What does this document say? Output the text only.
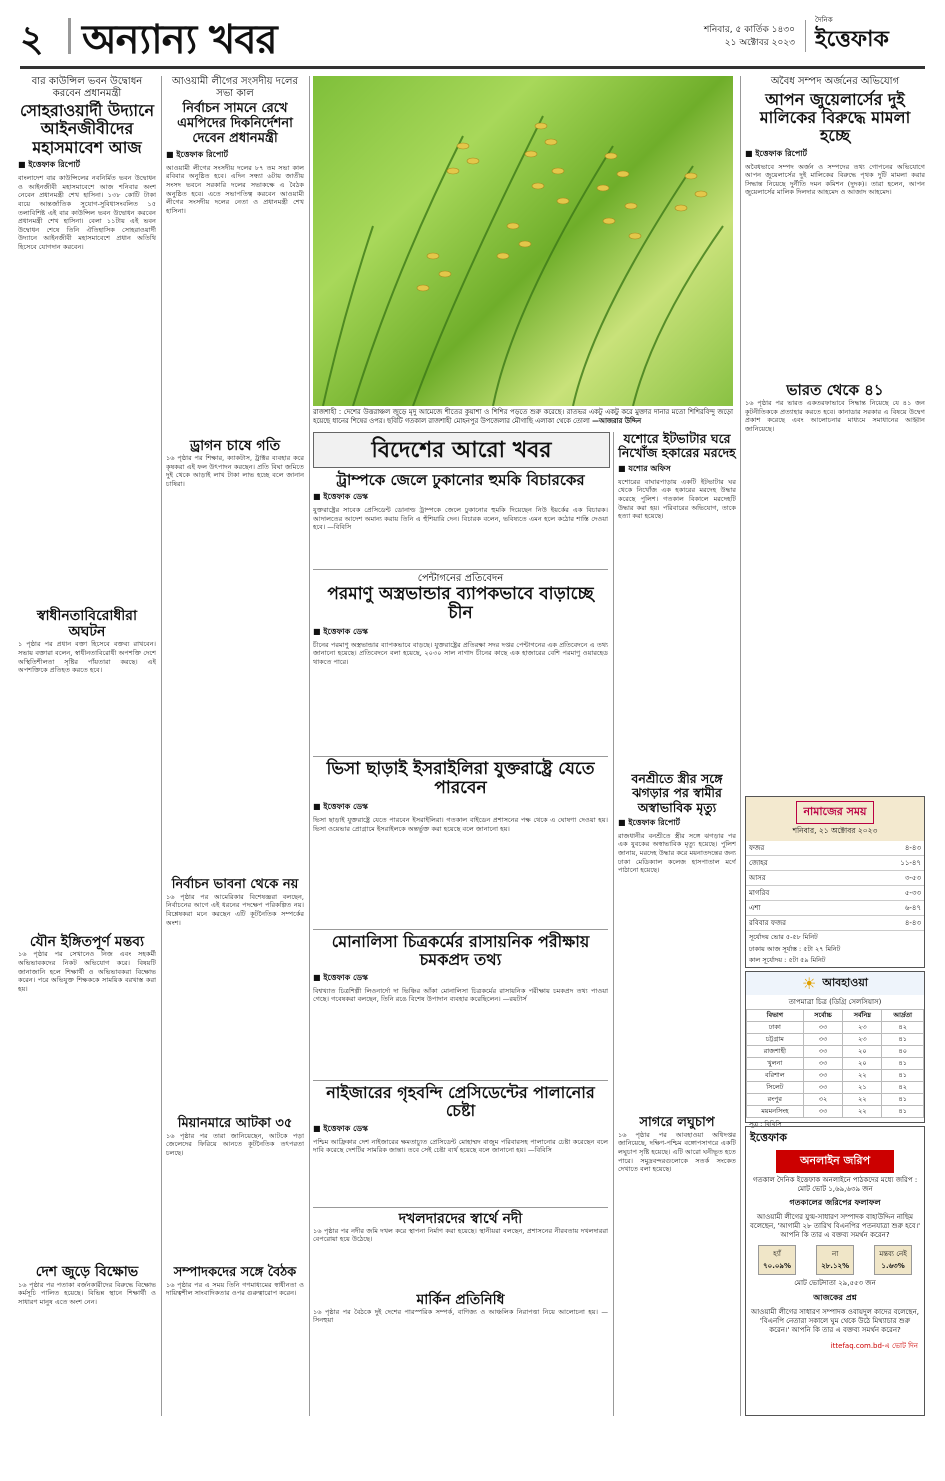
২ অন্যান্য খবর	শনিবার, ৫ কার্তিক ১৪৩০
২১ অক্টোবর ২০২৩
দৈনিক
ইত্তেফাক
বার কাউন্সিল ভবন উদ্বোধন করবেন প্রধানমন্ত্রী
সোহরাওয়ার্দী উদ্যানে আইনজীবীদের মহাসমাবেশ আজ
■ ইত্তেফাক রিপোর্ট
বাংলাদেশ বার কাউন্সিলের নবনির্মিত ভবন উদ্বোধন ও আইনজীবী মহাসমাবেশে আজ শনিবার অংশ নেবেন প্রধানমন্ত্রী শেখ হাসিনা। ১৩৮ কোটি টাকা ব্যয়ে আন্তর্জাতিক সুযোগ-সুবিধাসংবলিত ১৫ তলাবিশিষ্ট এই বার কাউন্সিল ভবন উদ্বোধন করবেন প্রধানমন্ত্রী শেখ হাসিনা। বেলা ১১টায় এই ভবন উদ্বোধন শেষে তিনি ঐতিহাসিক সোহরাওয়ার্দী উদ্যানে আইনজীবী মহাসমাবেশে প্রধান অতিথি হিসেবে যোগদান করবেন।
স্বাধীনতাবিরোধীরা অঘটন
১ পৃষ্ঠার পর প্রধান বক্তা হিসেবে বক্তব্য রাখবেন। সভায় বক্তারা বলেন, স্বাধীনতাবিরোধী অপশক্তি দেশে অস্থিতিশীলতা সৃষ্টির পাঁয়তারা করছে। এই অপশক্তিকে প্রতিহত করতে হবে।
যৌন ইঙ্গিতপূর্ণ মন্তব্য
১৬ পৃষ্ঠার পর সেখানেও নিজ এবং সহকর্মী অভিভাবকদের নিকট অভিযোগ করে। বিষয়টি জানাজানি হলে শিক্ষার্থী ও অভিভাবকরা বিক্ষোভ করেন। পরে অভিযুক্ত শিক্ষককে সাময়িক বরখাস্ত করা হয়।
দেশ জুড়ে বিক্ষোভ
১৬ পৃষ্ঠার পর পতাকা বর্জনকারীদের বিরুদ্ধে বিক্ষোভ কর্মসূচি পালিত হয়েছে। বিভিন্ন স্থানে শিক্ষার্থী ও সাধারণ মানুষ এতে অংশ নেন।
আওয়ামী লীগের সংসদীয় দলের সভা কাল
নির্বাচন সামনে রেখে এমপিদের দিকনির্দেশনা দেবেন প্রধানমন্ত্রী
■ ইত্তেফাক রিপোর্ট
আওয়ামী লীগের সংসদীয় দলের ৮৭ তম সভা কাল রবিবার অনুষ্ঠিত হবে। এদিন সন্ধ্যা ৬টায় জাতীয় সংসদ ভবনে সরকারি দলের সভাকক্ষে এ বৈঠক অনুষ্ঠিত হবে। এতে সভাপতিত্ব করবেন আওয়ামী লীগের সংসদীয় দলের নেতা ও প্রধানমন্ত্রী শেখ হাসিনা।
ড্রাগন চাষে গতি
১৬ পৃষ্ঠার পর শিক্ষার, ক্যাকটাস, ট্রাক্টর ব্যবহার করে কৃষকরা এই ফল উৎপাদন করছেন। প্রতি বিঘা জমিতে দুই থেকে আড়াই লাখ টাকা লাভ হচ্ছে বলে জানান চাষিরা।
নির্বাচন ভাবনা থেকে নয়
১৬ পৃষ্ঠার পর আমেরিকার বিশেষজ্ঞরা বলছেন, নির্বাচনের আগে এই ধরনের পদক্ষেপ পরিকল্পিত নয়। বিশ্লেষকরা মনে করছেন এটি কূটনৈতিক সম্পর্কের অংশ।
মিয়ানমারে আটকা ৩৫
১৬ পৃষ্ঠার পর তারা জানিয়েছেন, আটকে পড়া জেলেদের ফিরিয়ে আনতে কূটনৈতিক তৎপরতা চলছে।
সম্পাদকদের সঙ্গে বৈঠক
১৬ পৃষ্ঠার পর এ সময় তিনি গণমাধ্যমের স্বাধীনতা ও দায়িত্বশীল সাংবাদিকতার ওপর গুরুত্বারোপ করেন।
রাজশাহী : দেশের উত্তরাঞ্চল জুড়ে মৃদু আমেজে শীতের কুয়াশা ও শিশির পড়তে শুরু করেছে। রাতভর একটু একটু করে মুক্তার দানার মতো শিশিরবিন্দু জড়ো হয়েছে ধানের শিষের ওপর। ছবিটি গতকাল রাজশাহী মোহনপুর উপজেলার মৌগাছি এলাকা থেকে তোলা —আজরার উদ্দিন
বিদেশের আরো খবর
ট্রাম্পকে জেলে ঢুকানোর হুমকি বিচারকের
■ ইত্তেফাক ডেস্ক
যুক্তরাষ্ট্রের সাবেক প্রেসিডেন্ট ডোনাল্ড ট্রাম্পকে জেলে ঢুকানোর হুমকি দিয়েছেন নিউ ইয়র্কের এক বিচারক। আদালতের আদেশ অমান্য করায় তিনি এ হুঁশিয়ারি দেন। বিচারক বলেন, ভবিষ্যতে এমন হলে কঠোর শাস্তি দেওয়া হবে। —বিবিসি
পেন্টাগনের প্রতিবেদন
পরমাণু অস্ত্রভান্ডার ব্যাপকভাবে বাড়াচ্ছে চীন
■ ইত্তেফাক ডেস্ক
চীনের পরমাণু অস্ত্রভান্ডার ব্যাপকভাবে বাড়ছে। যুক্তরাষ্ট্রের প্রতিরক্ষা সদর দপ্তর পেন্টাগনের এক প্রতিবেদনে এ তথ্য জানানো হয়েছে। প্রতিবেদনে বলা হয়েছে, ২০৩০ সাল নাগাদ চীনের কাছে এক হাজারের বেশি পরমাণু ওয়ারহেড থাকতে পারে।
ভিসা ছাড়াই ইসরাইলিরা যুক্তরাষ্ট্রে যেতে পারবেন
■ ইত্তেফাক ডেস্ক
ভিসা ছাড়াই যুক্তরাষ্ট্রে যেতে পারবেন ইসরাইলিরা। গতকাল বাইডেন প্রশাসনের পক্ষ থেকে এ ঘোষণা দেওয়া হয়। ভিসা ওয়েভার প্রোগ্রামে ইসরাইলকে অন্তর্ভুক্ত করা হয়েছে বলে জানানো হয়।
মোনালিসা চিত্রকর্মের রাসায়নিক পরীক্ষায় চমকপ্রদ তথ্য
■ ইত্তেফাক ডেস্ক
বিশ্বখ্যাত চিত্রশিল্পী লিওনার্দো দা ভিঞ্চির আঁকা মোনালিসা চিত্রকর্মের রাসায়নিক পরীক্ষায় চমকপ্রদ তথ্য পাওয়া গেছে। গবেষকরা বলছেন, তিনি রঙে বিশেষ উপাদান ব্যবহার করেছিলেন। —রয়টার্স
নাইজারের গৃহবন্দি প্রেসিডেন্টের পালানোর চেষ্টা
■ ইত্তেফাক ডেস্ক
পশ্চিম আফ্রিকার দেশ নাইজারের ক্ষমতাচ্যুত প্রেসিডেন্ট মোহাম্মদ বাজুম পরিবারসহ পালানোর চেষ্টা করেছেন বলে দাবি করেছে দেশটির সামরিক জান্তা। তবে সেই চেষ্টা ব্যর্থ হয়েছে বলে জানানো হয়। —বিবিসি
দখলদারদের স্বার্থে নদী
১৬ পৃষ্ঠার পর নদীর জমি দখল করে স্থাপনা নির্মাণ করা হয়েছে। স্থানীয়রা বলছেন, প্রশাসনের নীরবতায় দখলদাররা বেপরোয়া হয়ে উঠেছে।
মার্কিন প্রতিনিধি
১৬ পৃষ্ঠার পর বৈঠকে দুই দেশের পারস্পরিক সম্পর্ক, বাণিজ্য ও আঞ্চলিক নিরাপত্তা নিয়ে আলোচনা হয়। —সিনহুয়া
যশোরে ইটভাটার ঘরে নিখোঁজ হকারের মরদেহ
■ যশোর অফিস
যশোরের বাঘারপাড়ায় একটি ইটভাটার ঘর থেকে নিখোঁজ এক হকারের মরদেহ উদ্ধার করেছে পুলিশ। গতকাল বিকালে মরদেহটি উদ্ধার করা হয়। পরিবারের অভিযোগ, তাকে হত্যা করা হয়েছে।
বনশ্রীতে স্ত্রীর সঙ্গে ঝগড়ার পর স্বামীর অস্বাভাবিক মৃত্যু
■ ইত্তেফাক রিপোর্ট
রাজধানীর বনশ্রীতে স্ত্রীর সঙ্গে ঝগড়ার পর এক যুবকের অস্বাভাবিক মৃত্যু হয়েছে। পুলিশ জানায়, মরদেহ উদ্ধার করে ময়নাতদন্তের জন্য ঢাকা মেডিক্যাল কলেজ হাসপাতাল মর্গে পাঠানো হয়েছে।
সাগরে লঘুচাপ
১৬ পৃষ্ঠার পর আবহাওয়া অধিদপ্তর জানিয়েছে, দক্ষিণ-পশ্চিম বঙ্গোপসাগরে একটি লঘুচাপ সৃষ্টি হয়েছে। এটি আরো ঘনীভূত হতে পারে। সমুদ্রবন্দরগুলোকে সতর্ক সংকেত দেখাতে বলা হয়েছে।
অবৈধ সম্পদ অর্জনের অভিযোগ
আপন জুয়েলার্সের দুই মালিকের বিরুদ্ধে মামলা হচ্ছে
■ ইত্তেফাক রিপোর্ট
অবৈধভাবে সম্পদ অর্জন ও সম্পদের তথ্য গোপনের অভিযোগে আপন জুয়েলার্সের দুই মালিকের বিরুদ্ধে পৃথক দুটি মামলা করার সিদ্ধান্ত নিয়েছে দুর্নীতি দমন কমিশন (দুদক)। তারা হলেন, আপন জুয়েলার্সের মালিক দিলদার আহমেদ ও আজাদ আহমেদ।
ভারত থেকে ৪১
১৬ পৃষ্ঠার পর ভারত একতরফাভাবে সিদ্ধান্ত নিয়েছে যে ৪১ জন কূটনীতিককে প্রত্যাহার করতে হবে। কানাডার সরকার এ বিষয়ে উদ্বেগ প্রকাশ করেছে এবং আলোচনার মাধ্যমে সমাধানের আহ্বান জানিয়েছে।
নামাজের সময়
শনিবার, ২১ অক্টোবর ২০২৩
ফজর	৪-৪৩
জোহর	১১-৪৭
আসর	৩-৫৩
মাগরিব	৫-৩৩
এশা	৬-৪৭
রবিবার ফজর	৪-৪৩
সূর্যোদয় ভোর ৫-৫৮ মিনিট
ঢাকায় আজ সূর্যাস্ত : ৫টা ২৭ মিনিট
কাল সূর্যোদয় : ৫টা ৫৯ মিনিট
☀ আবহাওয়া
তাপমাত্রা চিত্র (ডিগ্রি সেলসিয়াস)
বিভাগ	সর্বোচ্চ	সর্বনিম্ন	আর্দ্রতা
ঢাকা	৩৩	২৩	৪২
চট্টগ্রাম	৩৩	২৩	৪১
রাজশাহী	৩৩	২০	৪০
খুলনা	৩৩	২০	৪১
বরিশাল	৩৩	২২	৪১
সিলেট	৩৩	২১	৪২
রংপুর	৩২	২২	৪১
ময়মনসিংহ	৩৩	২২	৪১
সূত্র : বিবিসি
ইত্তেফাক
অনলাইন জরিপ
গতকাল দৈনিক ইত্তেফাক অনলাইনে পাঠকদের মধ্যে জরিপ : মোট ভোট ১,৬৯,৬৩৯ জন
গতকালের জরিপের ফলাফল
আওয়ামী লীগের যুগ্ম-সাধারণ সম্পাদক বাহাউদ্দিন নাছিম বলেছেন, 'আগামী ২৮ তারিখ বিএনপির পতনযাত্রা শুরু হবে।' আপনি কি তার এ বক্তব্য সমর্থন করেন?
হ্যাঁ
৭০.০৯%
না
২৮.১২%
মন্তব্য নেই
১.৬৩%
মোট ভোটদাতা ২৯,৫৫৩ জন
আজকের প্রশ্ন
আওয়ামী লীগের সাধারণ সম্পাদক ওবায়দুল কাদের বলেছেন, 'বিএনপি নেতারা সকালে ঘুম থেকে উঠে মিথ্যাচার শুরু করেন।' আপনি কি তার এ বক্তব্য সমর্থন করেন?
ittefaq.com.bd-এ ভোট দিন
